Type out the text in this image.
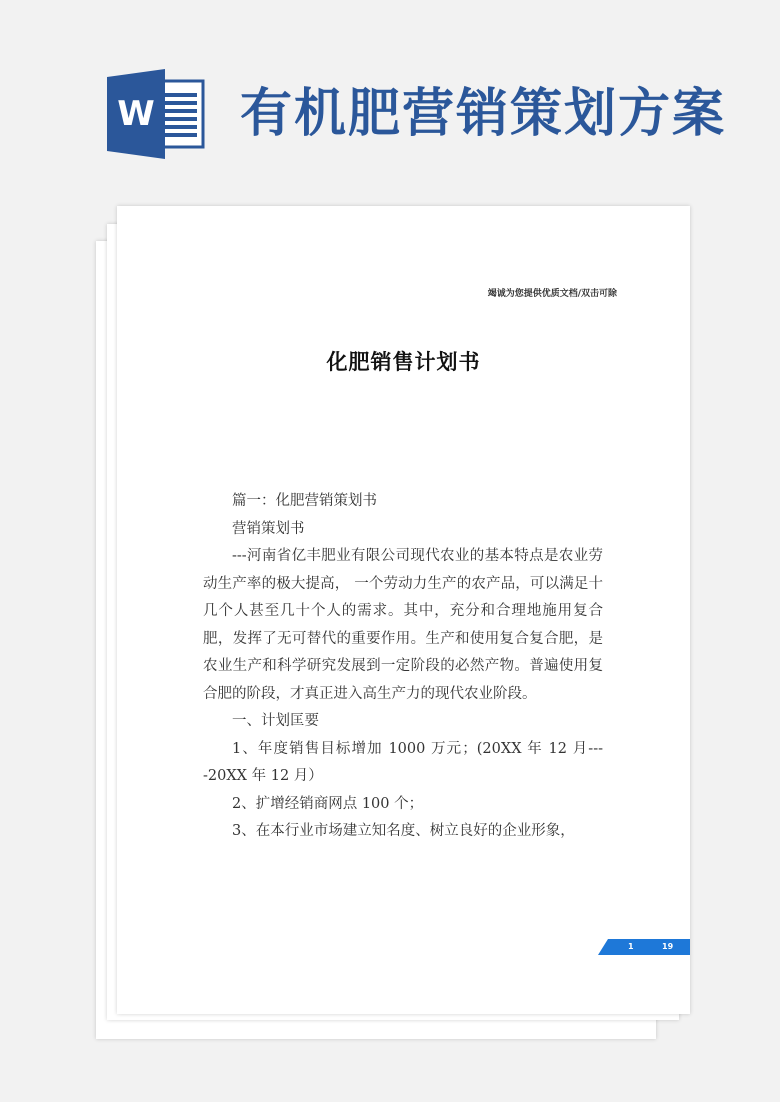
W 有机肥营销策划方案
竭诚为您提供优质文档/双击可除
化肥销售计划书

篇一：化肥营销策划书

营销策划书

---河南省亿丰肥业有限公司现代农业的基本特点是农业劳动生产率的极大提高， 一个劳动力生产的农产品，可以满足十几个人甚至几十个人的需求。其中，充分和合理地施用复合肥，发挥了无可替代的重要作用。生产和使用复合复合肥，是农业生产和科学研究发展到一定阶段的必然产物。普遍使用复合肥的阶段，才真正进入高生产力的现代农业阶段。

一、计划匡要

1、年度销售目标增加 1000 万元；(20XX 年 12 月----20XX 年 12 月）

2、扩增经销商网点 100 个；

3、在本行业市场建立知名度、树立良好的企业形象，

1	19
